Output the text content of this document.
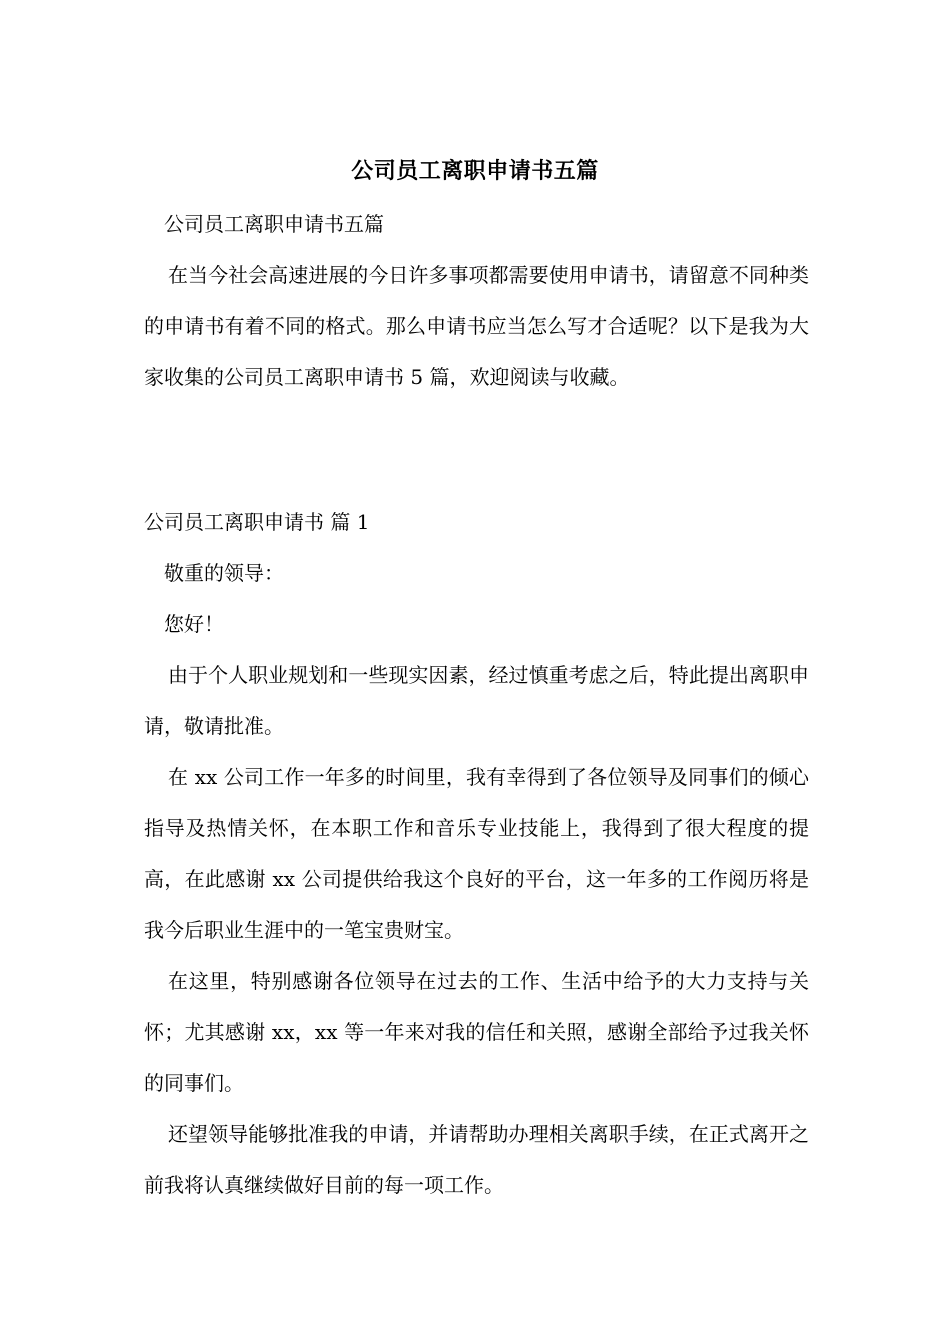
公司员工离职申请书五篇

公司员工离职申请书五篇

在当今社会高速进展的今日许多事项都需要使用申请书，请留意不同种类的申请书有着不同的格式。那么申请书应当怎么写才合适呢？以下是我为大家收集的公司员工离职申请书 5 篇，欢迎阅读与收藏。

公司员工离职申请书 篇 1

敬重的领导：

您好！

由于个人职业规划和一些现实因素，经过慎重考虑之后，特此提出离职申请，敬请批准。

在 xx 公司工作一年多的时间里，我有幸得到了各位领导及同事们的倾心指导及热情关怀，在本职工作和音乐专业技能上，我得到了很大程度的提高，在此感谢 xx 公司提供给我这个良好的平台，这一年多的工作阅历将是我今后职业生涯中的一笔宝贵财宝。

在这里，特别感谢各位领导在过去的工作、生活中给予的大力支持与关怀；尤其感谢 xx，xx 等一年来对我的信任和关照，感谢全部给予过我关怀的同事们。

还望领导能够批准我的申请，并请帮助办理相关离职手续，在正式离开之前我将认真继续做好目前的每一项工作。
